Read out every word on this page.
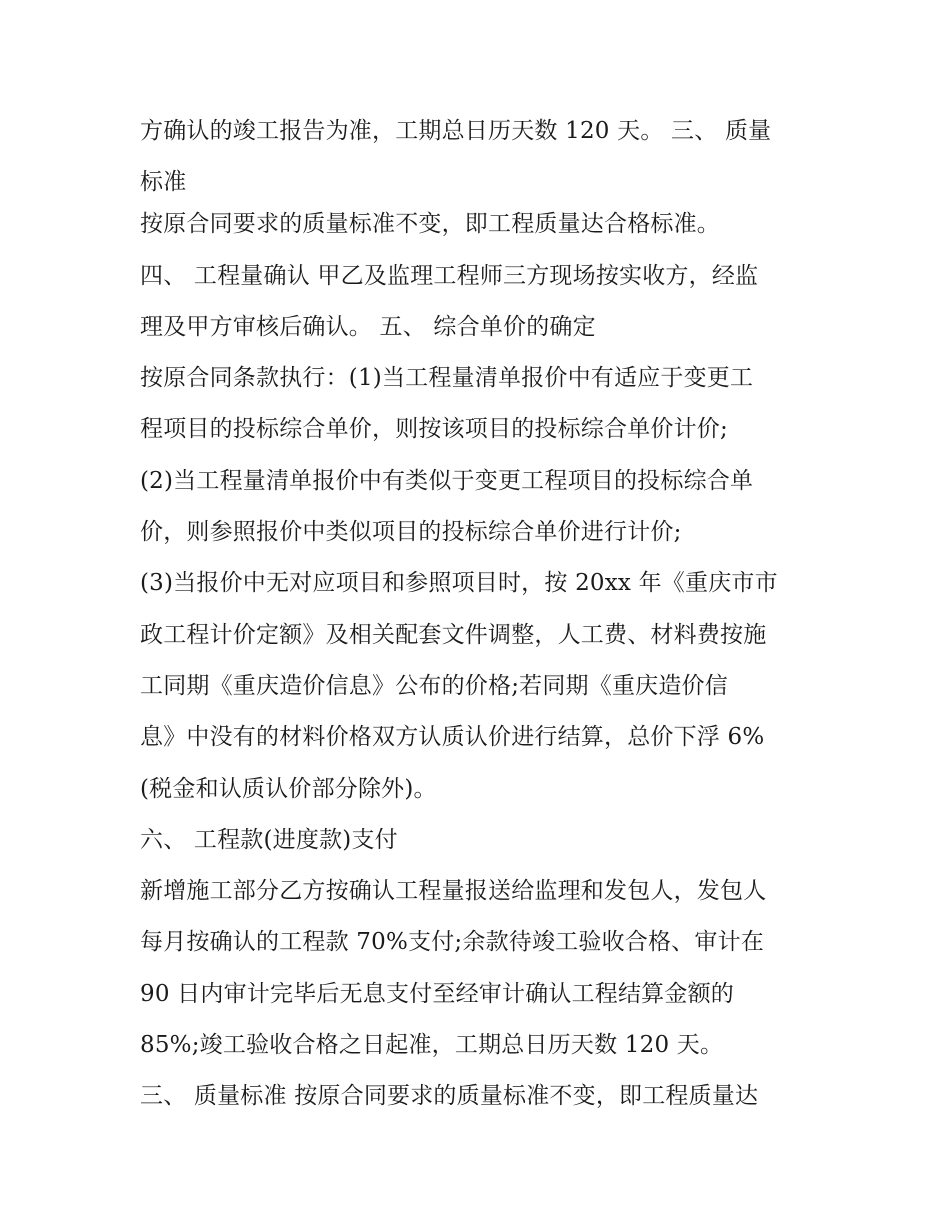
方确认的竣工报告为准，工期总日历天数 120 天。 三、 质量
标准
按原合同要求的质量标准不变，即工程质量达合格标准。
四、 工程量确认 甲乙及监理工程师三方现场按实收方，经监
理及甲方审核后确认。 五、 综合单价的确定
按原合同条款执行：(1)当工程量清单报价中有适应于变更工
程项目的投标综合单价，则按该项目的投标综合单价计价;
(2)当工程量清单报价中有类似于变更工程项目的投标综合单
价，则参照报价中类似项目的投标综合单价进行计价;
(3)当报价中无对应项目和参照项目时，按 20xx 年《重庆市市
政工程计价定额》及相关配套文件调整，人工费、材料费按施
工同期《重庆造价信息》公布的价格;若同期《重庆造价信
息》中没有的材料价格双方认质认价进行结算，总价下浮 6%
(税金和认质认价部分除外)。
六、 工程款(进度款)支付
新增施工部分乙方按确认工程量报送给监理和发包人，发包人
每月按确认的工程款 70%支付;余款待竣工验收合格、审计在
90 日内审计完毕后无息支付至经审计确认工程结算金额的
85%;竣工验收合格之日起准，工期总日历天数 120 天。
三、 质量标准 按原合同要求的质量标准不变，即工程质量达
